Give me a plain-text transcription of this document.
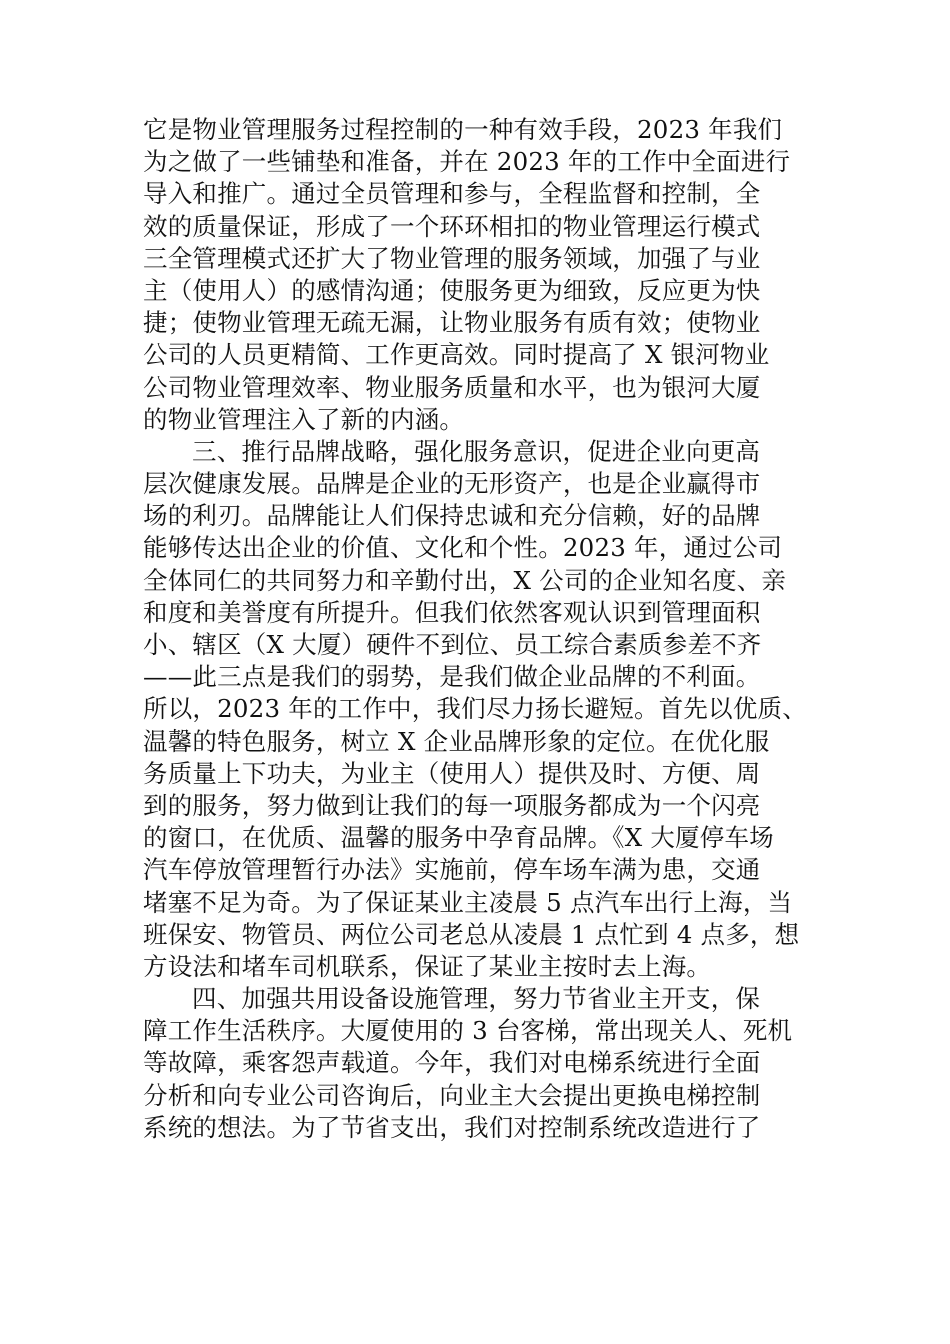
它是物业管理服务过程控制的一种有效手段，2023 年我们
为之做了一些铺垫和准备，并在 2023 年的工作中全面进行
导入和推广。通过全员管理和参与，全程监督和控制，全
效的质量保证，形成了一个环环相扣的物业管理运行模式
三全管理模式还扩大了物业管理的服务领域，加强了与业
主（使用人）的感情沟通；使服务更为细致，反应更为快
捷；使物业管理无疏无漏，让物业服务有质有效；使物业
公司的人员更精简、工作更高效。同时提高了 X 银河物业
公司物业管理效率、物业服务质量和水平，也为银河大厦
的物业管理注入了新的内涵。
三、推行品牌战略，强化服务意识，促进企业向更高
层次健康发展。品牌是企业的无形资产，也是企业赢得市
场的利刃。品牌能让人们保持忠诚和充分信赖，好的品牌
能够传达出企业的价值、文化和个性。2023 年，通过公司
全体同仁的共同努力和辛勤付出，X 公司的企业知名度、亲
和度和美誉度有所提升。但我们依然客观认识到管理面积
小、辖区（X 大厦）硬件不到位、员工综合素质参差不齐
——此三点是我们的弱势，是我们做企业品牌的不利面。
所以，2023 年的工作中，我们尽力扬长避短。首先以优质、
温馨的特色服务，树立 X 企业品牌形象的定位。在优化服
务质量上下功夫，为业主（使用人）提供及时、方便、周
到的服务，努力做到让我们的每一项服务都成为一个闪亮
的窗口，在优质、温馨的服务中孕育品牌。《X 大厦停车场
汽车停放管理暂行办法》实施前，停车场车满为患，交通
堵塞不足为奇。为了保证某业主凌晨 5 点汽车出行上海，当
班保安、物管员、两位公司老总从凌晨 1 点忙到 4 点多，想
方设法和堵车司机联系，保证了某业主按时去上海。
四、加强共用设备设施管理，努力节省业主开支，保
障工作生活秩序。大厦使用的 3 台客梯，常出现关人、死机
等故障，乘客怨声载道。今年，我们对电梯系统进行全面
分析和向专业公司咨询后，向业主大会提出更换电梯控制
系统的想法。为了节省支出，我们对控制系统改造进行了
